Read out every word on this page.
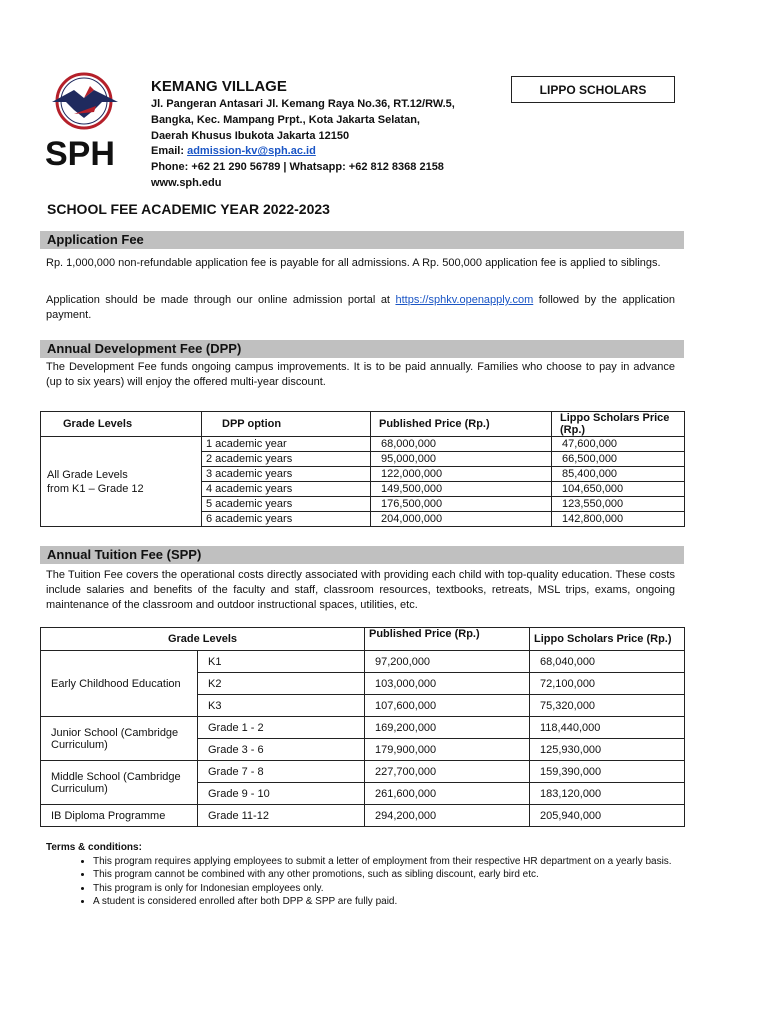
SPH
KEMANG VILLAGE
Jl. Pangeran Antasari Jl. Kemang Raya No.36, RT.12/RW.5,
Bangka, Kec. Mampang Prpt., Kota Jakarta Selatan,
Daerah Khusus Ibukota Jakarta 12150
Email: admission-kv@sph.ac.id
Phone: +62 21 290 56789 | Whatsapp: +62 812 8368 2158
www.sph.edu
LIPPO SCHOLARS
SCHOOL FEE ACADEMIC YEAR 2022-2023
Application Fee
Rp. 1,000,000 non-refundable application fee is payable for all admissions. A Rp. 500,000 application fee is applied to siblings.
Application should be made through our online admission portal at https://sphkv.openapply.com followed by the application payment.
Annual Development Fee (DPP)
The Development Fee funds ongoing campus improvements. It is to be paid annually. Families who choose to pay in advance (up to six years) will enjoy the offered multi-year discount.
Grade Levels	DPP option	Published Price (Rp.)	Lippo Scholars Price (Rp.)
All Grade Levels
from K1 – Grade 12	1 academic year	68,000,000	47,600,000
	2 academic years	95,000,000	66,500,000
	3 academic years	122,000,000	85,400,000
	4 academic years	149,500,000	104,650,000
	5 academic years	176,500,000	123,550,000
	6 academic years	204,000,000	142,800,000
Annual Tuition Fee (SPP)
The Tuition Fee covers the operational costs directly associated with providing each child with top-quality education. These costs include salaries and benefits of the faculty and staff, classroom resources, textbooks, retreats, MSL trips, exams, ongoing maintenance of the classroom and outdoor instructional spaces, utilities, etc.
Grade Levels		Published Price (Rp.)	Lippo Scholars Price (Rp.)
Early Childhood Education	K1	97,200,000	68,040,000
	K2	103,000,000	72,100,000
	K3	107,600,000	75,320,000
Junior School (Cambridge Curriculum)	Grade 1 - 2	169,200,000	118,440,000
	Grade 3 - 6	179,900,000	125,930,000
Middle School (Cambridge Curriculum)	Grade 7 - 8	227,700,000	159,390,000
	Grade 9 - 10	261,600,000	183,120,000
IB Diploma Programme	Grade 11-12	294,200,000	205,940,000
Terms & conditions:
• This program requires applying employees to submit a letter of employment from their respective HR department on a yearly basis.
• This program cannot be combined with any other promotions, such as sibling discount, early bird etc.
• This program is only for Indonesian employees only.
• A student is considered enrolled after both DPP & SPP are fully paid.
